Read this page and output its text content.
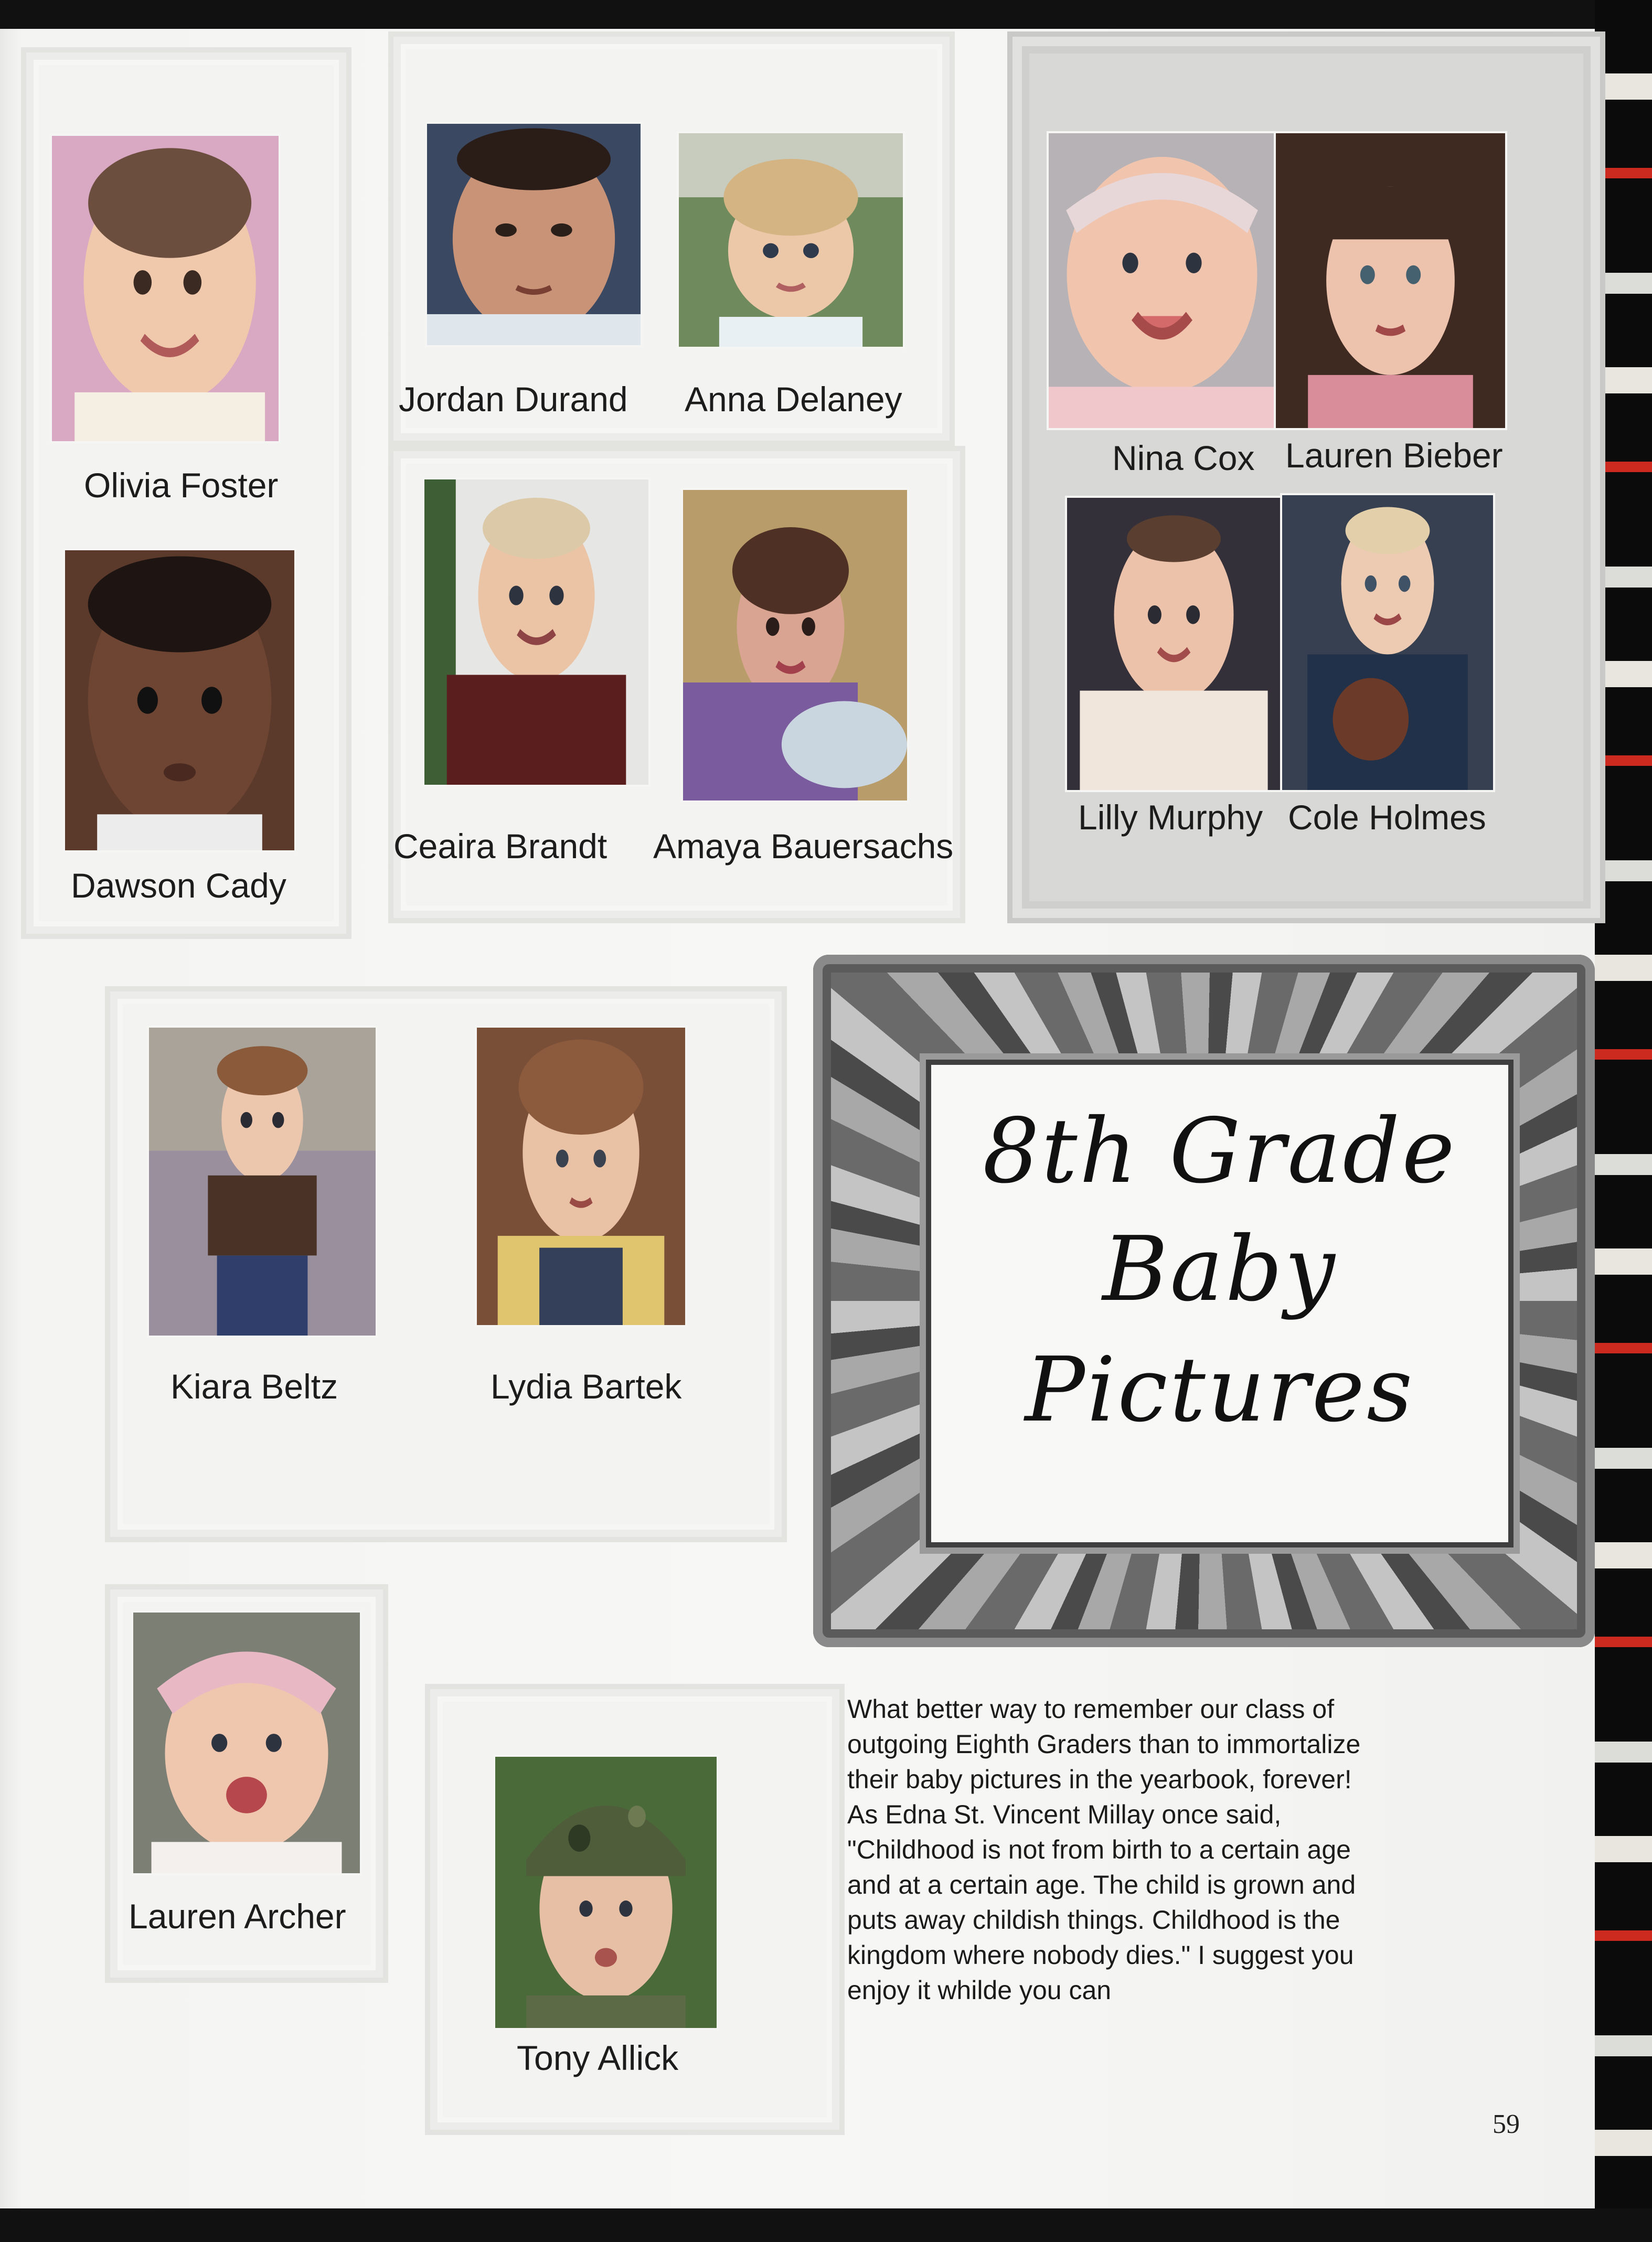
Olivia Foster
Dawson Cady
Jordan Durand Anna Delaney
Ceaira Brandt Amaya Bauersachs
Nina Cox Lauren Bieber
Lilly Murphy Cole Holmes
Kiara Beltz	Lydia Bartek
Lauren Archer
Tony Allick
8th Grade
Baby
Pictures
What better way to remember our class of
outgoing Eighth Graders than to immortalize
their baby pictures in the yearbook, forever!
As Edna St. Vincent Millay once said,
"Childhood is not from birth to a certain age
and at a certain age. The child is grown and
puts away childish things. Childhood is the
kingdom where nobody dies." I suggest you
enjoy it whilde you can
59
